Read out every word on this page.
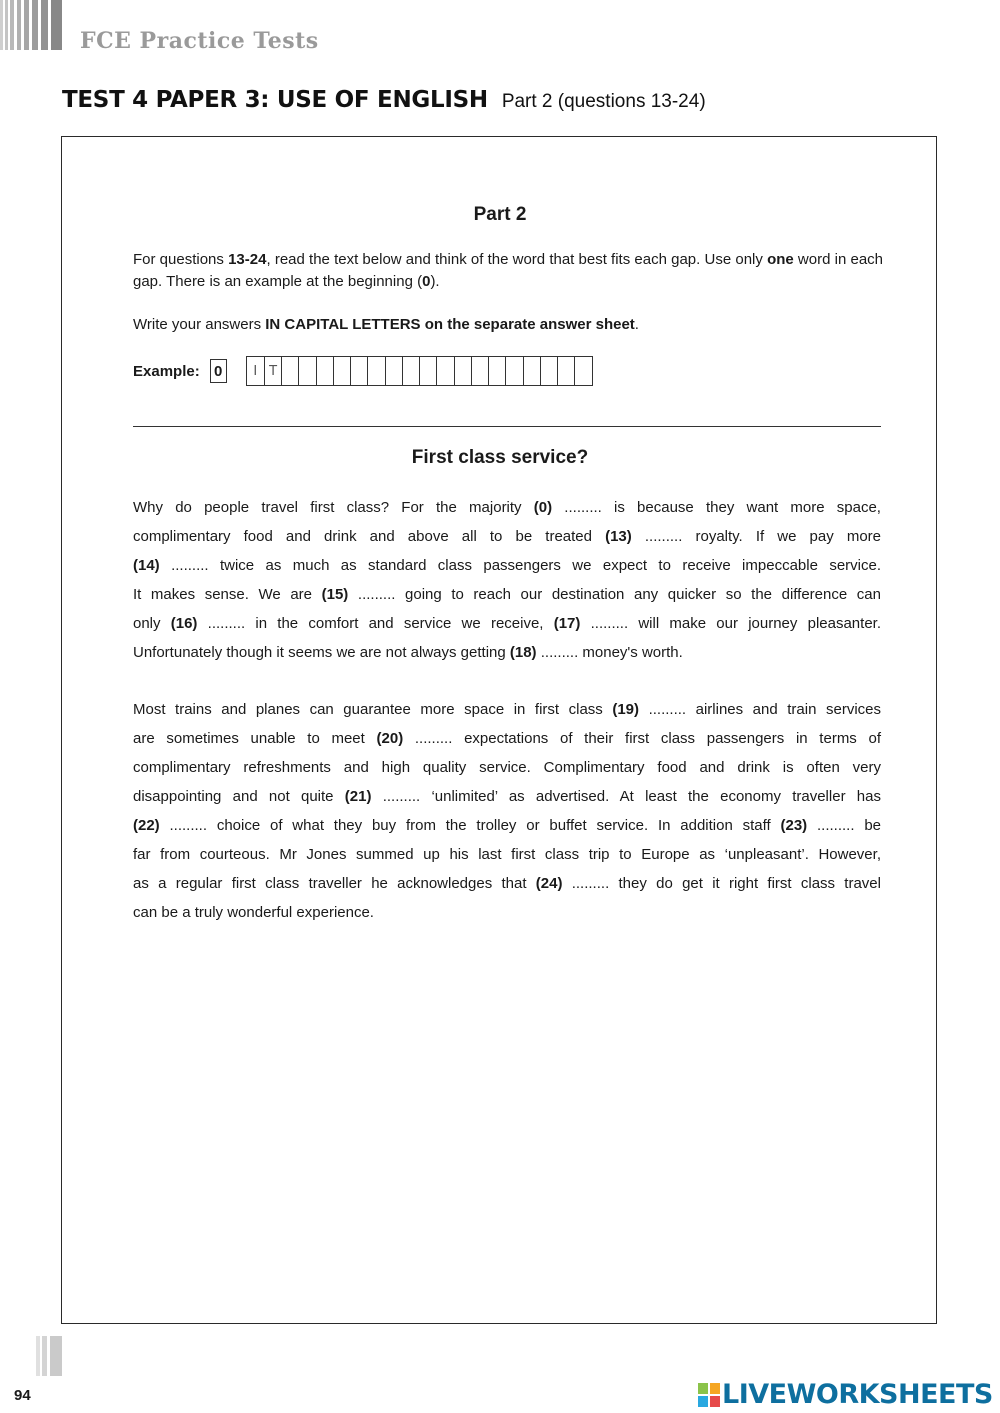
FCE Practice Tests
TEST 4 PAPER 3: USE OF ENGLISH Part 2 (questions 13-24)
Part 2
For questions 13-24, read the text below and think of the word that best fits each gap. Use only one word in each gap. There is an example at the beginning (0).
Write your answers IN CAPITAL LETTERS on the separate answer sheet.
Example: 0	I T
First class service?
Why do people travel first class? For the majority (0) ......... is because they want more space,
complimentary food and drink and above all to be treated (13) ......... royalty. If we pay more
(14) ......... twice as much as standard class passengers we expect to receive impeccable service.
It makes sense. We are (15) ......... going to reach our destination any quicker so the difference can
only (16) ......... in the comfort and service we receive, (17) ......... will make our journey pleasanter.
Unfortunately though it seems we are not always getting (18) ......... money's worth.
Most trains and planes can guarantee more space in first class (19) ......... airlines and train services
are sometimes unable to meet (20) ......... expectations of their first class passengers in terms of
complimentary refreshments and high quality service. Complimentary food and drink is often very
disappointing and not quite (21) ......... ‘unlimited’ as advertised. At least the economy traveller has
(22) ......... choice of what they buy from the trolley or buffet service. In addition staff (23) ......... be
far from courteous. Mr Jones summed up his last first class trip to Europe as ‘unpleasant’. However,
as a regular first class traveller he acknowledges that (24) ......... they do get it right first class travel
can be a truly wonderful experience.
94	LIVEWORKSHEETS
